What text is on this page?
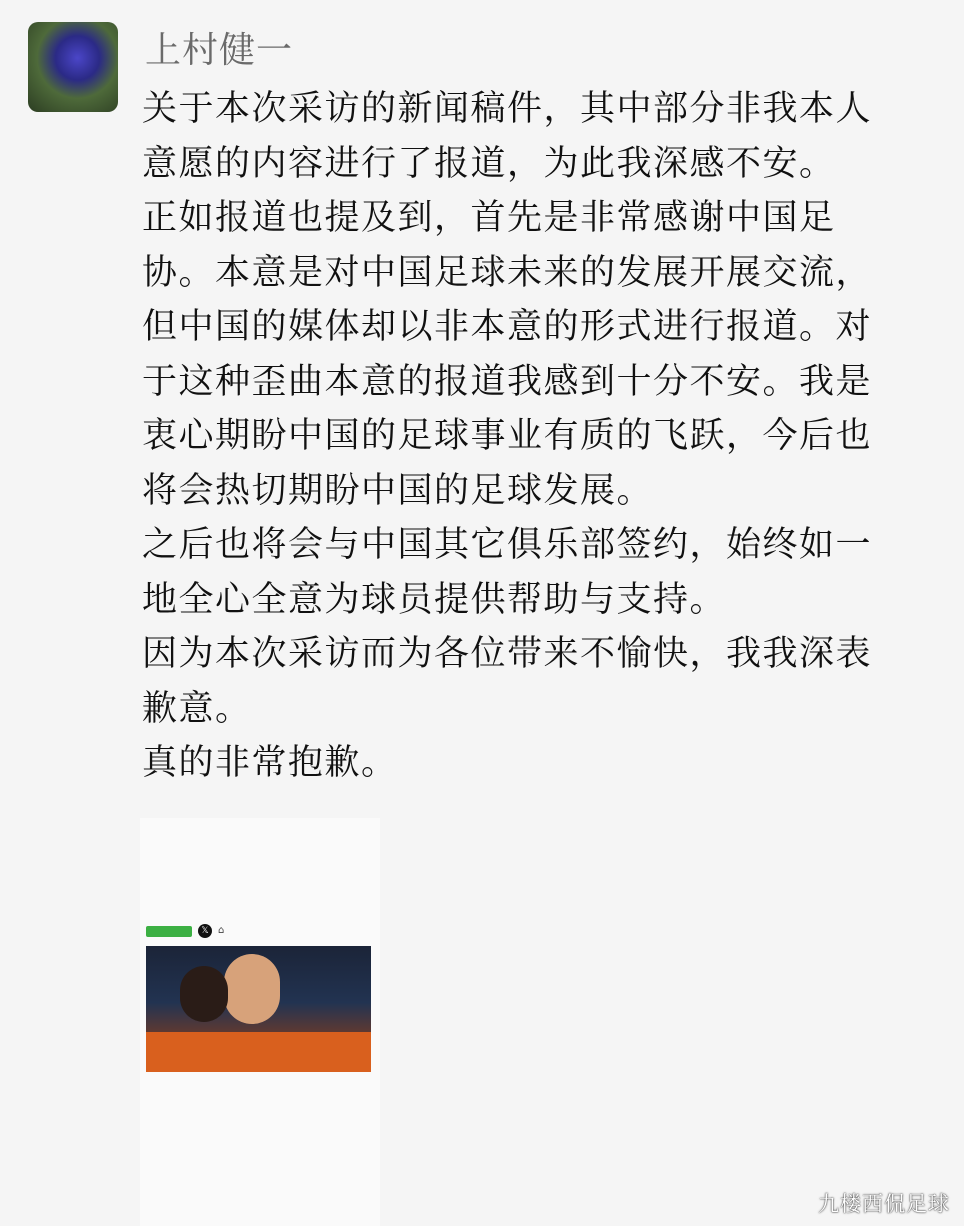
上村健一

关于本次采访的新闻稿件，其中部分非我本人意愿的内容进行了报道，为此我深感不安。

正如报道也提及到，首先是非常感谢中国足协。本意是对中国足球未来的发展开展交流，但中国的媒体却以非本意的形式进行报道。对于这种歪曲本意的报道我感到十分不安。我是衷心期盼中国的足球事业有质的飞跃，今后也将会热切期盼中国的足球发展。

之后也将会与中国其它俱乐部签约，始终如一地全心全意为球员提供帮助与支持。

因为本次采访而为各位带来不愉快，我我深表歉意。

真的非常抱歉。

𝕏 ⌂
九楼西侃足球
